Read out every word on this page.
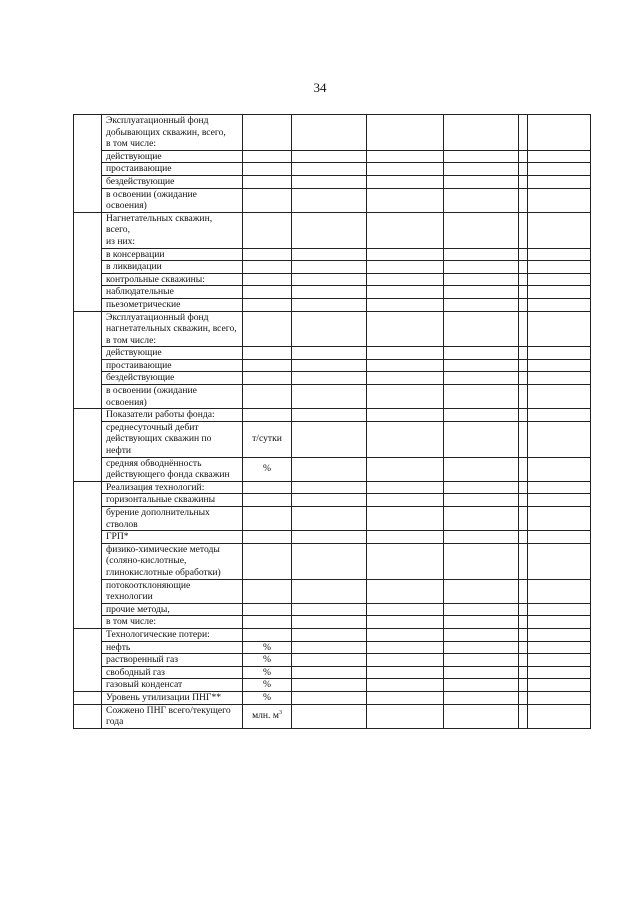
34
	Эксплуатационный фонд добывающих скважин, всего,
в том числе:						
	действующие						
	простаивающие						
	бездействующие						
	в освоении (ожидание освоения)						
	Нагнетательных скважин, всего,
из них:						
	в консервации						
	в ликвидации						
	контрольные скважины:						
	наблюдательные						
	пьезометрические						
	Эксплуатационный фонд нагнетательных скважин, всего,
в том числе:						
	действующие						
	простаивающие						
	бездействующие						
	в освоении (ожидание освоения)						
	Показатели работы фонда:						
	среднесуточный дебит действующих скважин по нефти	т/сутки					
	средняя обводнённость действующего фонда скважин	%					
	Реализация технологий:						
	горизонтальные скважины						
	бурение дополнительных стволов						
	ГРП*						
	физико-химические методы (соляно-кислотные, глинокислотные обработки)						
	потокоотклоняющие технологии						
	прочие методы,						
	в том числе:						
	Технологические потери:						
	нефть	%					
	растворенный газ	%					
	свободный газ	%					
	газовый конденсат	%					
	Уровень утилизации ПНГ**	%					
	Сожжено ПНГ всего/текущего года	млн. $м^3$					
